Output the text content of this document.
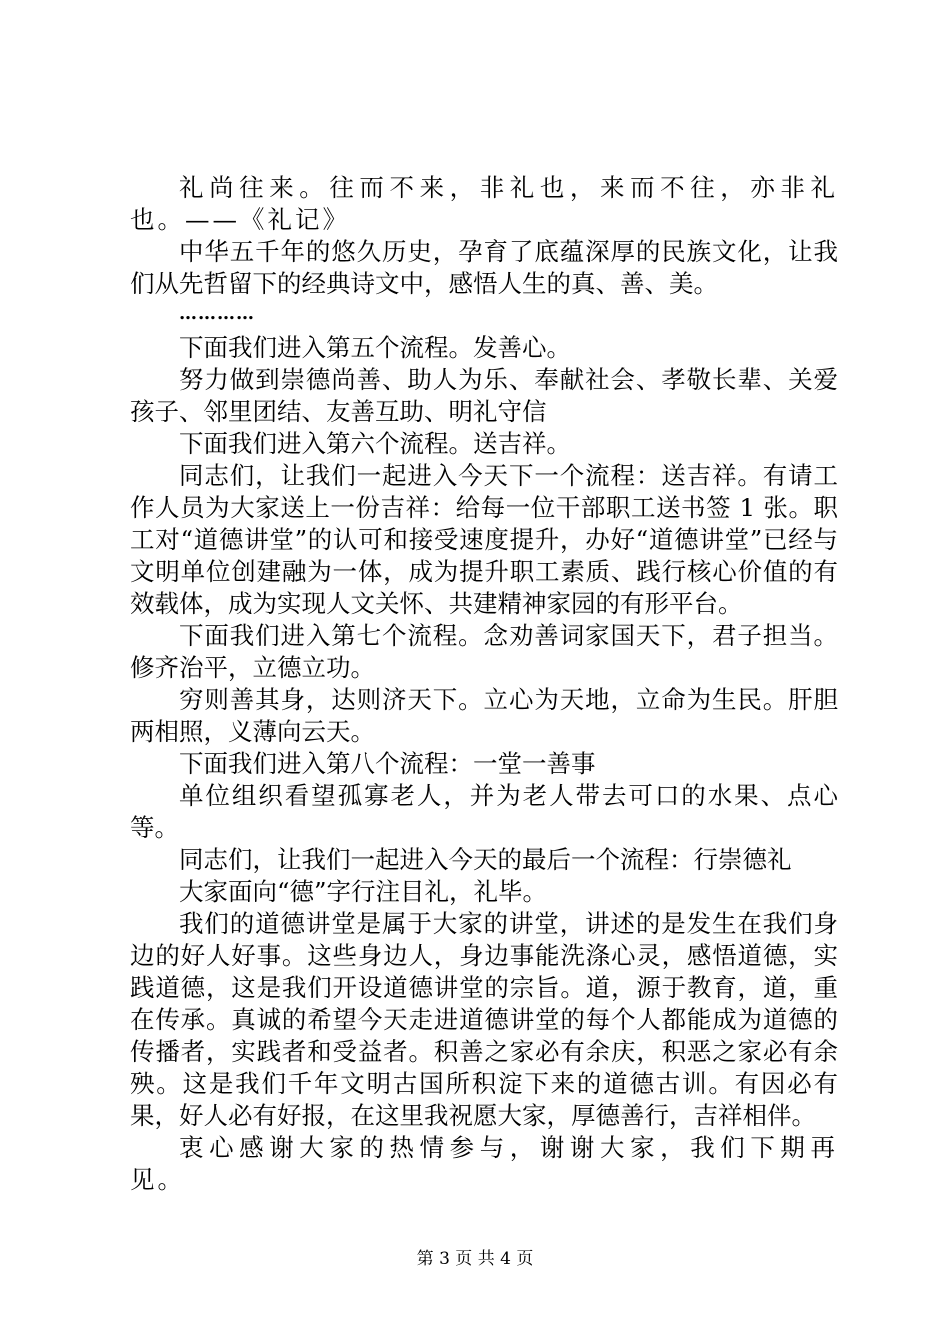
礼尚往来。往而不来，非礼也，来而不往，亦非礼也。——《礼记》

中华五千年的悠久历史，孕育了底蕴深厚的民族文化，让我们从先哲留下的经典诗文中，感悟人生的真、善、美。

…………

下面我们进入第五个流程。发善心。

努力做到崇德尚善、助人为乐、奉献社会、孝敬长辈、关爱孩子、邻里团结、友善互助、明礼守信

下面我们进入第六个流程。送吉祥。

同志们，让我们一起进入今天下一个流程：送吉祥。有请工作人员为大家送上一份吉祥：给每一位干部职工送书签 1 张。职工对“道德讲堂”的认可和接受速度提升，办好“道德讲堂”已经与文明单位创建融为一体，成为提升职工素质、践行核心价值的有效载体，成为实现人文关怀、共建精神家园的有形平台。

下面我们进入第七个流程。念劝善词家国天下，君子担当。修齐治平，立德立功。

穷则善其身，达则济天下。立心为天地，立命为生民。肝胆两相照，义薄向云天。

下面我们进入第八个流程：一堂一善事

单位组织看望孤寡老人，并为老人带去可口的水果、点心等。

同志们，让我们一起进入今天的最后一个流程：行崇德礼

大家面向“德”字行注目礼，礼毕。

我们的道德讲堂是属于大家的讲堂，讲述的是发生在我们身边的好人好事。这些身边人，身边事能洗涤心灵，感悟道德，实践道德，这是我们开设道德讲堂的宗旨。道，源于教育，道，重在传承。真诚的希望今天走进道德讲堂的每个人都能成为道德的传播者，实践者和受益者。积善之家必有余庆，积恶之家必有余殃。这是我们千年文明古国所积淀下来的道德古训。有因必有果，好人必有好报，在这里我祝愿大家，厚德善行，吉祥相伴。

衷心感谢大家的热情参与，谢谢大家，我们下期再见。

第 3 页 共 4 页
